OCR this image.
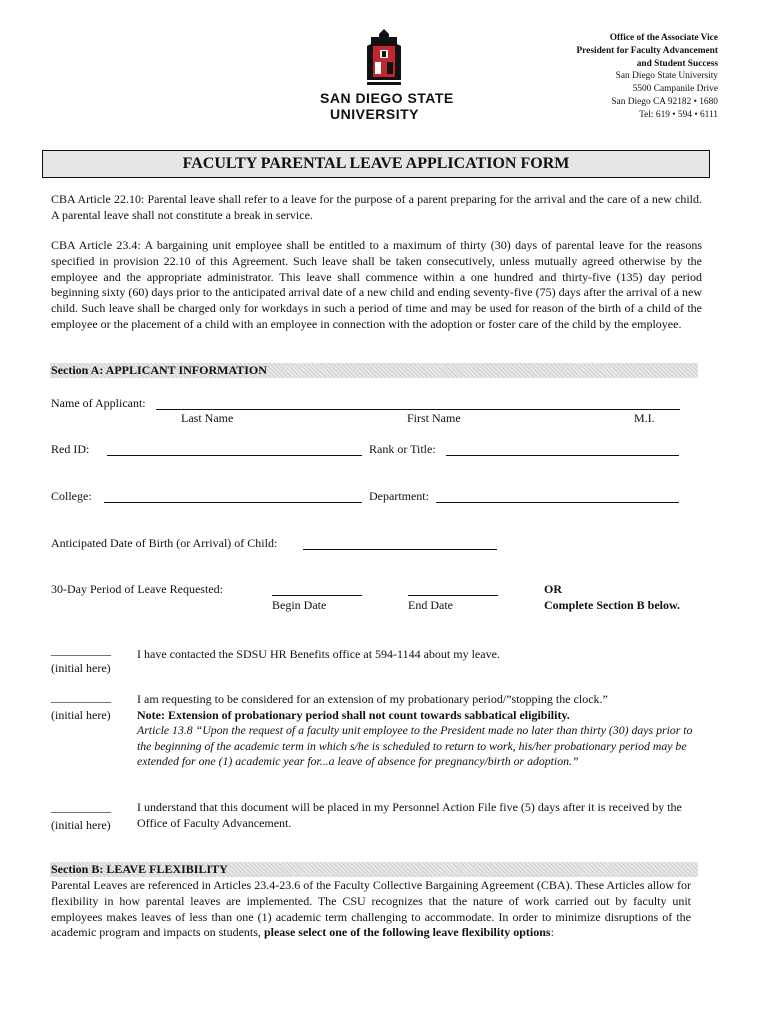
SAN DIEGO STATE
UNIVERSITY
Office of the Associate Vice
President for Faculty Advancement
and Student Success
San Diego State University
5500 Campanile Drive
San Diego CA 92182 • 1680
Tel: 619 • 594 • 6111
FACULTY PARENTAL LEAVE APPLICATION FORM
CBA Article 22.10: Parental leave shall refer to a leave for the purpose of a parent preparing for the arrival and the care of a new child. A parental leave shall not constitute a break in service.
CBA Article 23.4: A bargaining unit employee shall be entitled to a maximum of thirty (30) days of parental leave for the reasons specified in provision 22.10 of this Agreement. Such leave shall be taken consecutively, unless mutually agreed otherwise by the employee and the appropriate administrator. This leave shall commence within a one hundred and thirty-five (135) day period beginning sixty (60) days prior to the anticipated arrival date of a new child and ending seventy-five (75) days after the arrival of a new child. Such leave shall be charged only for workdays in such a period of time and may be used for reason of the birth of a child of the employee or the placement of a child with an employee in connection with the adoption or foster care of the child by the employee.
Section A: APPLICANT INFORMATION
Name of Applicant:
Last Name	First Name	M.I.
Red ID:	Rank or Title:
College:	Department:
Anticipated Date of Birth (or Arrival) of Child:
30-Day Period of Leave Requested:
Begin Date	End Date
OR
Complete Section B below.
__________
(initial here)
I have contacted the SDSU HR Benefits office at 594-1144 about my leave.
__________
(initial here)
I am requesting to be considered for an extension of my probationary period/”stopping the clock.”
Note: Extension of probationary period shall not count towards sabbatical eligibility.
Article 13.8 “Upon the request of a faculty unit employee to the President made no later than thirty (30) days prior to the beginning of the academic term in which s/he is scheduled to return to work, his/her probationary period may be extended for one (1) academic year for...a leave of absence for pregnancy/birth or adoption.”
__________
(initial here)
I understand that this document will be placed in my Personnel Action File five (5) days after it is received by the Office of Faculty Advancement.
Section B: LEAVE FLEXIBILITY
Parental Leaves are referenced in Articles 23.4-23.6 of the Faculty Collective Bargaining Agreement (CBA). These Articles allow for flexibility in how parental leaves are implemented. The CSU recognizes that the nature of work carried out by faculty unit employees makes leaves of less than one (1) academic term challenging to accommodate. In order to minimize disruptions of the academic program and impacts on students, please select one of the following leave flexibility options:
